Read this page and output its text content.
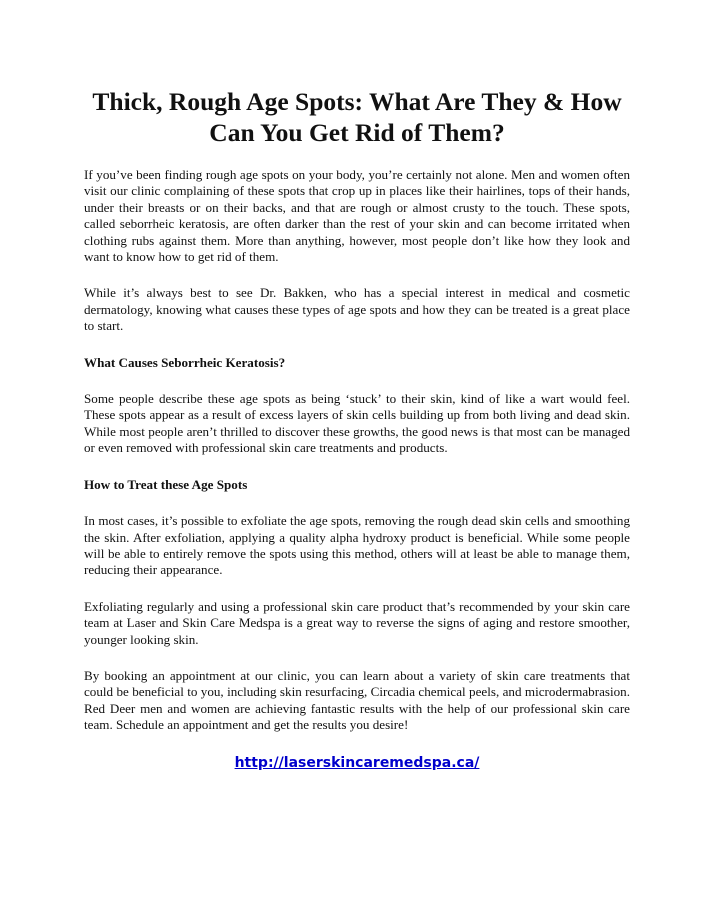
Thick, Rough Age Spots: What Are They & How Can You Get Rid of Them?

If you’ve been finding rough age spots on your body, you’re certainly not alone. Men and women often visit our clinic complaining of these spots that crop up in places like their hairlines, tops of their hands, under their breasts or on their backs, and that are rough or almost crusty to the touch. These spots, called seborrheic keratosis, are often darker than the rest of your skin and can become irritated when clothing rubs against them. More than anything, however, most people don’t like how they look and want to know how to get rid of them.

While it’s always best to see Dr. Bakken, who has a special interest in medical and cosmetic dermatology, knowing what causes these types of age spots and how they can be treated is a great place to start.

What Causes Seborrheic Keratosis?

Some people describe these age spots as being ‘stuck’ to their skin, kind of like a wart would feel. These spots appear as a result of excess layers of skin cells building up from both living and dead skin. While most people aren’t thrilled to discover these growths, the good news is that most can be managed or even removed with professional skin care treatments and products.

How to Treat these Age Spots

In most cases, it’s possible to exfoliate the age spots, removing the rough dead skin cells and smoothing the skin. After exfoliation, applying a quality alpha hydroxy product is beneficial. While some people will be able to entirely remove the spots using this method, others will at least be able to manage them, reducing their appearance.

Exfoliating regularly and using a professional skin care product that’s recommended by your skin care team at Laser and Skin Care Medspa is a great way to reverse the signs of aging and restore smoother, younger looking skin.

By booking an appointment at our clinic, you can learn about a variety of skin care treatments that could be beneficial to you, including skin resurfacing, Circadia chemical peels, and microdermabrasion. Red Deer men and women are achieving fantastic results with the help of our professional skin care team. Schedule an appointment and get the results you desire!

http://laserskincaremedspa.ca/
